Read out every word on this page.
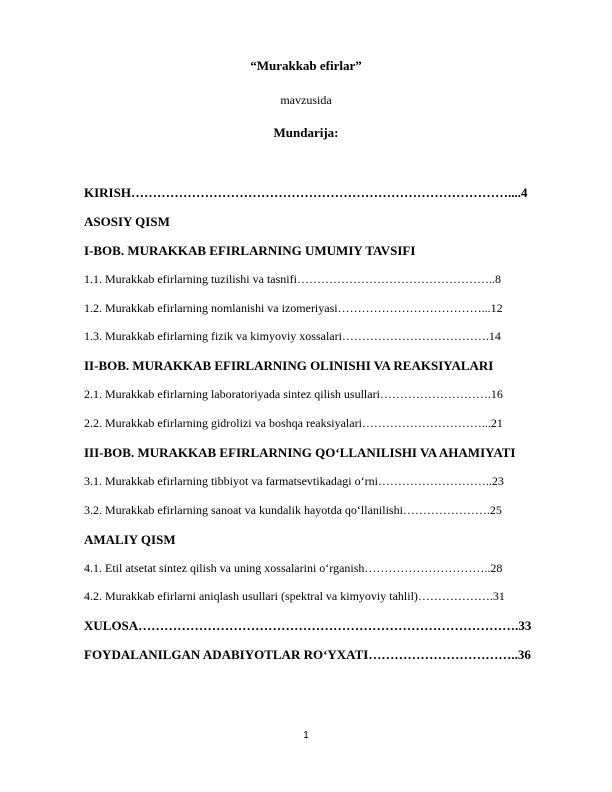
“Murakkab efirlar”
mavzusida
Mundarija:
KIRISH……………………………………………………………………………....4
ASOSIY QISM
I-BOB. MURAKKAB EFIRLARNING UMUMIY TAVSIFI
1.1. Murakkab efirlarning tuzilishi va tasnifi…………………………………………..8
1.2. Murakkab efirlarning nomlanishi va izomeriyasi………………………………...12
1.3. Murakkab efirlarning fizik va kimyoviy xossalari……………………………….14
II-BOB. MURAKKAB EFIRLARNING OLINISHI VA REAKSIYALARI
2.1. Murakkab efirlarning laboratoriyada sintez qilish usullari……………………….16
2.2. Murakkab efirlarning gidrolizi va boshqa reaksiyalari…………………………...21
III-BOB. MURAKKAB EFIRLARNING QO‘LLANILISHI VA AHAMIYATI
3.1. Murakkab efirlarning tibbiyot va farmatsevtikadagi o‘rni………………………..23
3.2. Murakkab efirlarning sanoat va kundalik hayotda qo‘llanilishi………………….25
AMALIY QISM
4.1. Etil atsetat sintez qilish va uning xossalarini o‘rganish…………………………..28
4.2. Murakkab efirlarni aniqlash usullari (spektral va kimyoviy tahlil)……………….31
XULOSA…………………………………………………………………………….33
FOYDALANILGAN ADABIYOTLAR RO‘YXATI……………………………..36
1
